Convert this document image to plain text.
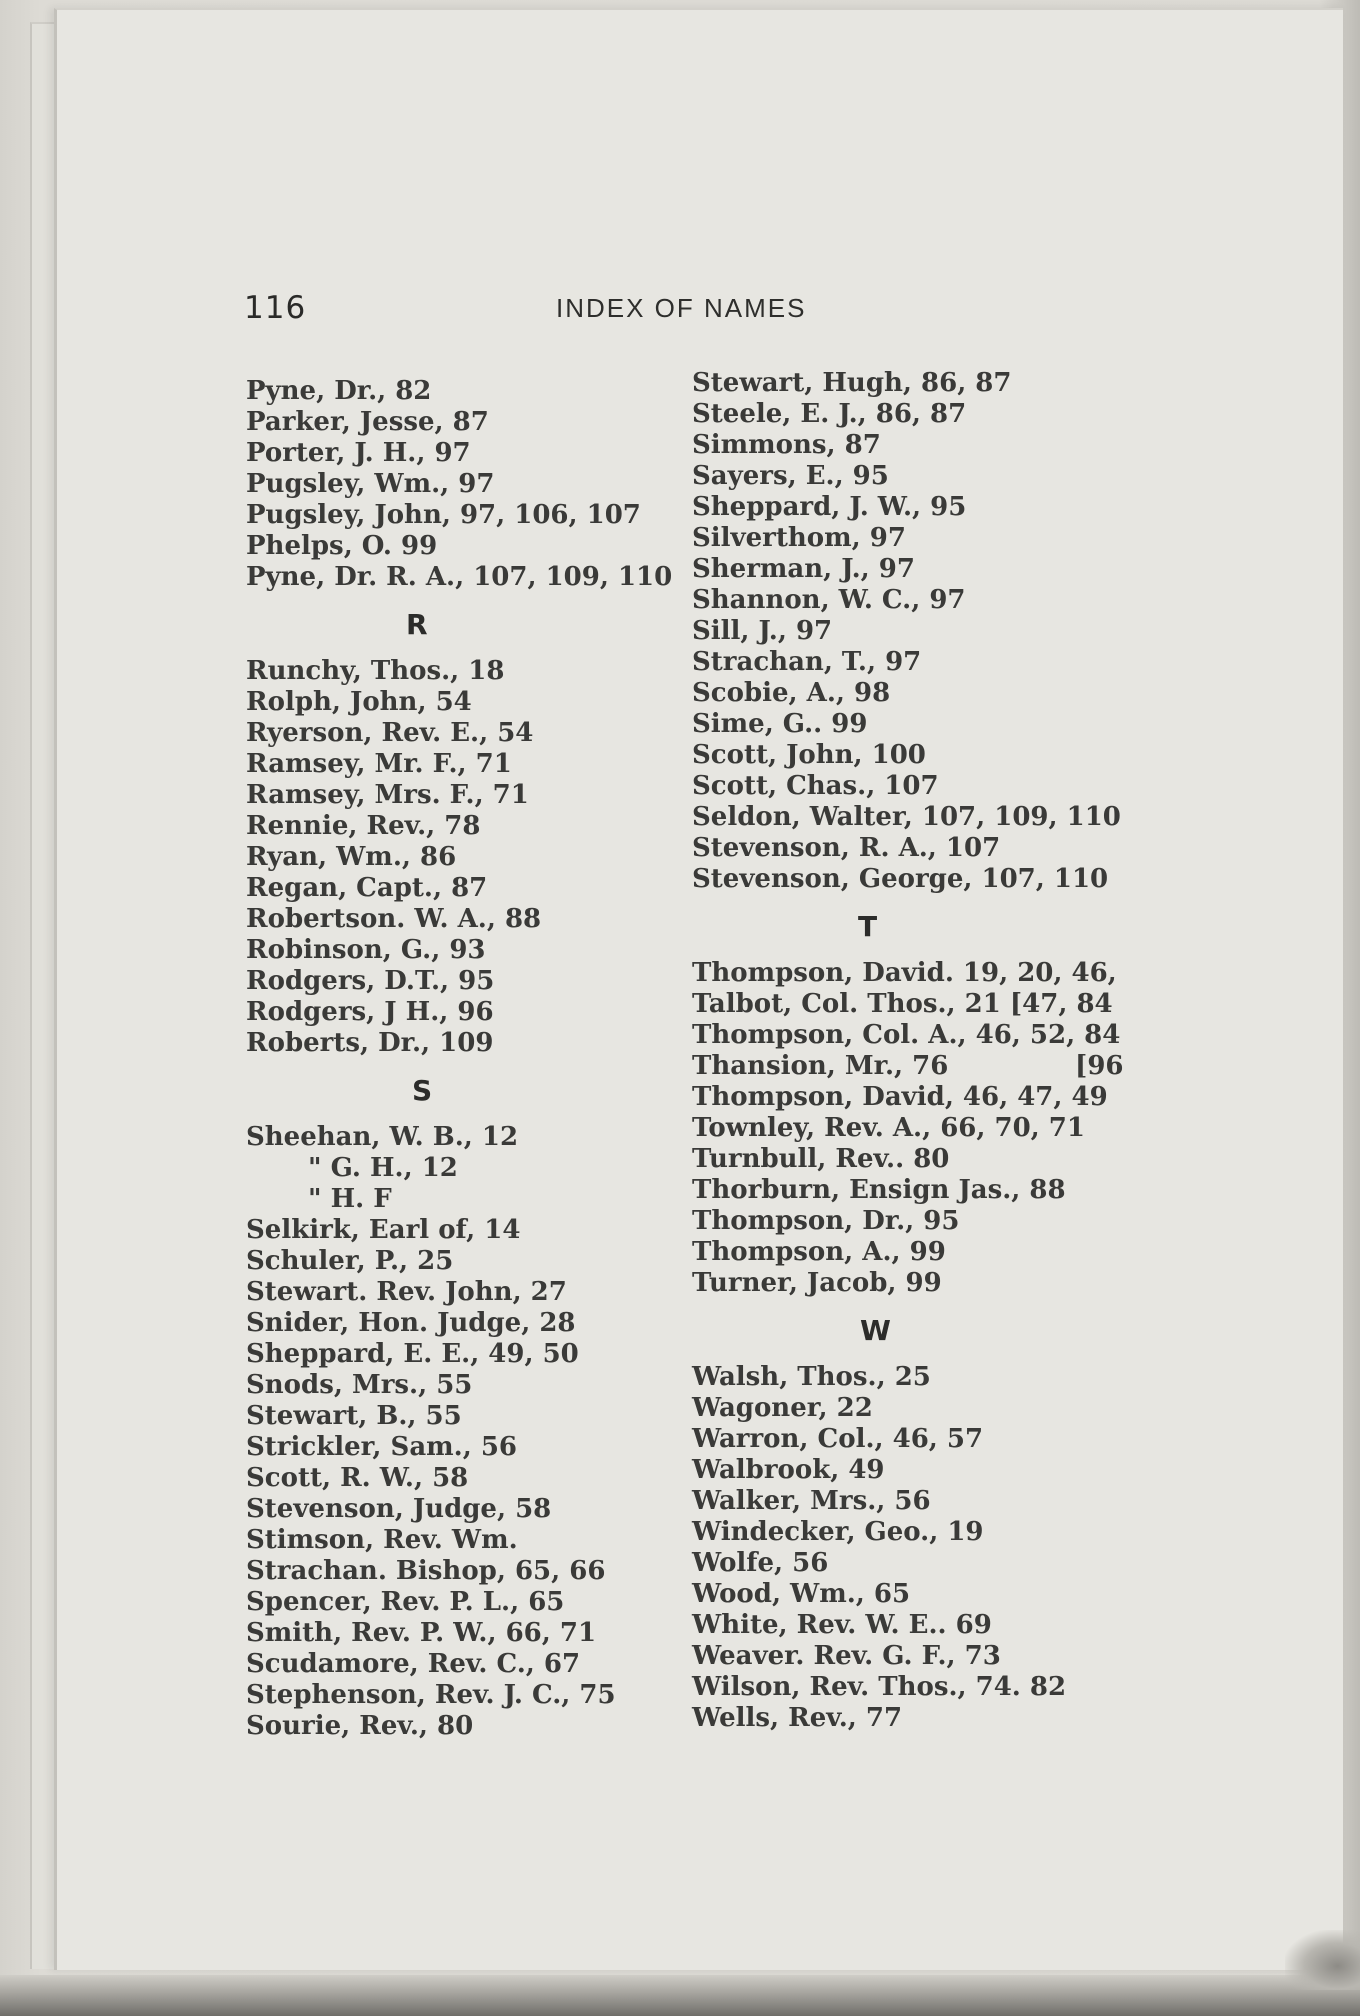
116	INDEX OF NAMES
Pyne, Dr., 82
Parker, Jesse, 87
Porter, J. H., 97
Pugsley, Wm., 97
Pugsley, John, 97, 106, 107
Phelps, O. 99
Pyne, Dr. R. A., 107, 109, 110
R
Runchy, Thos., 18
Rolph, John, 54
Ryerson, Rev. E., 54
Ramsey, Mr. F., 71
Ramsey, Mrs. F., 71
Rennie, Rev., 78
Ryan, Wm., 86
Regan, Capt., 87
Robertson. W. A., 88
Robinson, G., 93
Rodgers, D.T., 95
Rodgers, J H., 96
Roberts, Dr., 109
S
Sheehan, W. B., 12
" G. H., 12
" H. F
Selkirk, Earl of, 14
Schuler, P., 25
Stewart. Rev. John, 27
Snider, Hon. Judge, 28
Sheppard, E. E., 49, 50
Snods, Mrs., 55
Stewart, B., 55
Strickler, Sam., 56
Scott, R. W., 58
Stevenson, Judge, 58
Stimson, Rev. Wm.
Strachan. Bishop, 65, 66
Spencer, Rev. P. L., 65
Smith, Rev. P. W., 66, 71
Scudamore, Rev. C., 67
Stephenson, Rev. J. C., 75
Sourie, Rev., 80
Stewart, Hugh, 86, 87
Steele, E. J., 86, 87
Simmons, 87
Sayers, E., 95
Sheppard, J. W., 95
Silverthom, 97
Sherman, J., 97
Shannon, W. C., 97
Sill, J., 97
Strachan, T., 97
Scobie, A., 98
Sime, G.. 99
Scott, John, 100
Scott, Chas., 107
Seldon, Walter, 107, 109, 110
Stevenson, R. A., 107
Stevenson, George, 107, 110
T
Thompson, David. 19, 20, 46,
Talbot, Col. Thos., 21 [47, 84
Thompson, Col. A., 46, 52, 84
Thansion, Mr., 76              [96
Thompson, David, 46, 47, 49
Townley, Rev. A., 66, 70, 71
Turnbull, Rev.. 80
Thorburn, Ensign Jas., 88
Thompson, Dr., 95
Thompson, A., 99
Turner, Jacob, 99
W
Walsh, Thos., 25
Wagoner, 22
Warron, Col., 46, 57
Walbrook, 49
Walker, Mrs., 56
Windecker, Geo., 19
Wolfe, 56
Wood, Wm., 65
White, Rev. W. E.. 69
Weaver. Rev. G. F., 73
Wilson, Rev. Thos., 74. 82
Wells, Rev., 77
